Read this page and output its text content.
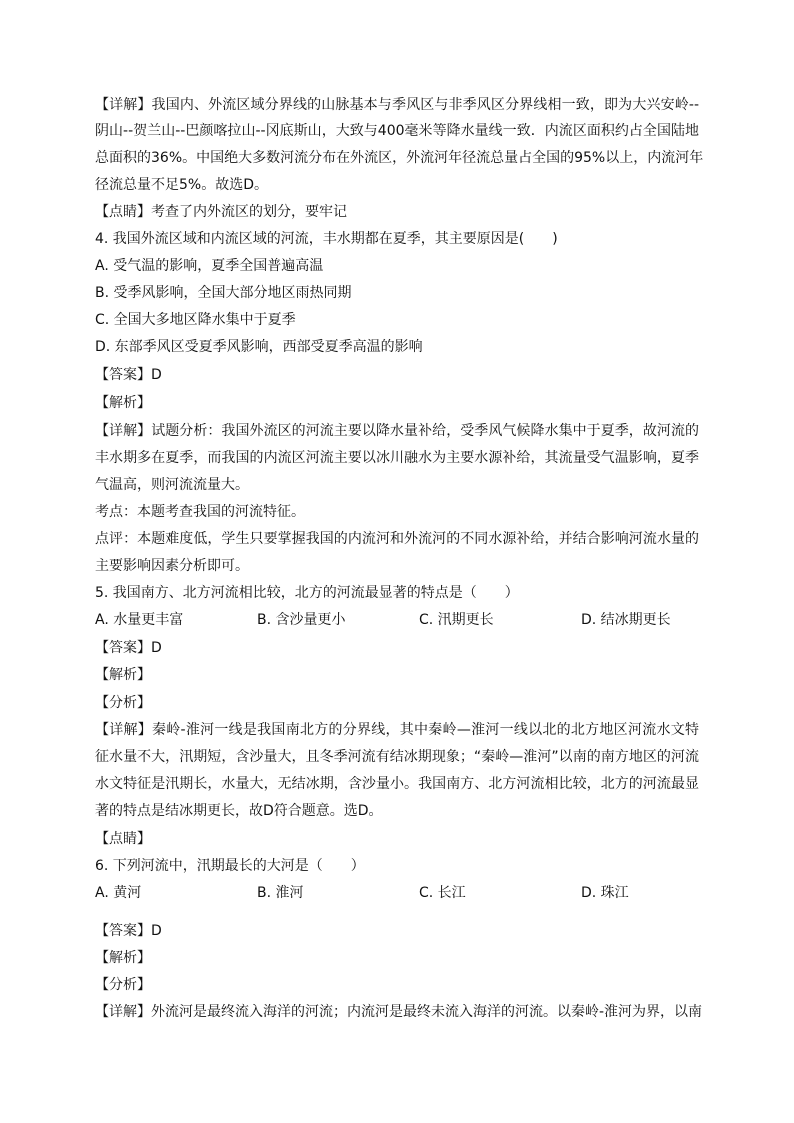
【详解】我国内、外流区域分界线的山脉基本与季风区与非季风区分界线相一致，即为大兴安岭--
阴山--贺兰山--巴颜喀拉山--冈底斯山，大致与400毫米等降水量线一致．内流区面积约占全国陆地
总面积的36%。中国绝大多数河流分布在外流区，外流河年径流总量占全国的95%以上，内流河年
径流总量不足5%。故选D。
【点睛】考查了内外流区的划分，要牢记
4. 我国外流区域和内流区域的河流，丰水期都在夏季，其主要原因是(　　)
A. 受气温的影响，夏季全国普遍高温
B. 受季风影响，全国大部分地区雨热同期
C. 全国大多地区降水集中于夏季
D. 东部季风区受夏季风影响，西部受夏季高温的影响
【答案】D
【解析】
【详解】试题分析：我国外流区的河流主要以降水量补给，受季风气候降水集中于夏季，故河流的
丰水期多在夏季，而我国的内流区河流主要以冰川融水为主要水源补给，其流量受气温影响，夏季
气温高，则河流流量大。
考点：本题考查我国的河流特征。
点评：本题难度低，学生只要掌握我国的内流河和外流河的不同水源补给，并结合影响河流水量的
主要影响因素分析即可。
5. 我国南方、北方河流相比较，北方的河流最显著的特点是（　　）
A. 水量更丰富	B. 含沙量更小	C. 汛期更长	D. 结冰期更长
【答案】D
【解析】
【分析】
【详解】秦岭-淮河一线是我国南北方的分界线，其中秦岭—淮河一线以北的北方地区河流水文特
征水量不大，汛期短，含沙量大，且冬季河流有结冰期现象；“秦岭—淮河”以南的南方地区的河流
水文特征是汛期长，水量大，无结冰期，含沙量小。我国南方、北方河流相比较，北方的河流最显
著的特点是结冰期更长，故D符合题意。选D。
【点睛】
6. 下列河流中，汛期最长的大河是（　　）
A. 黄河	B. 淮河	C. 长江	D. 珠江
【答案】D
【解析】
【分析】
【详解】外流河是最终流入海洋的河流；内流河是最终未流入海洋的河流。以秦岭-淮河为界，以南
